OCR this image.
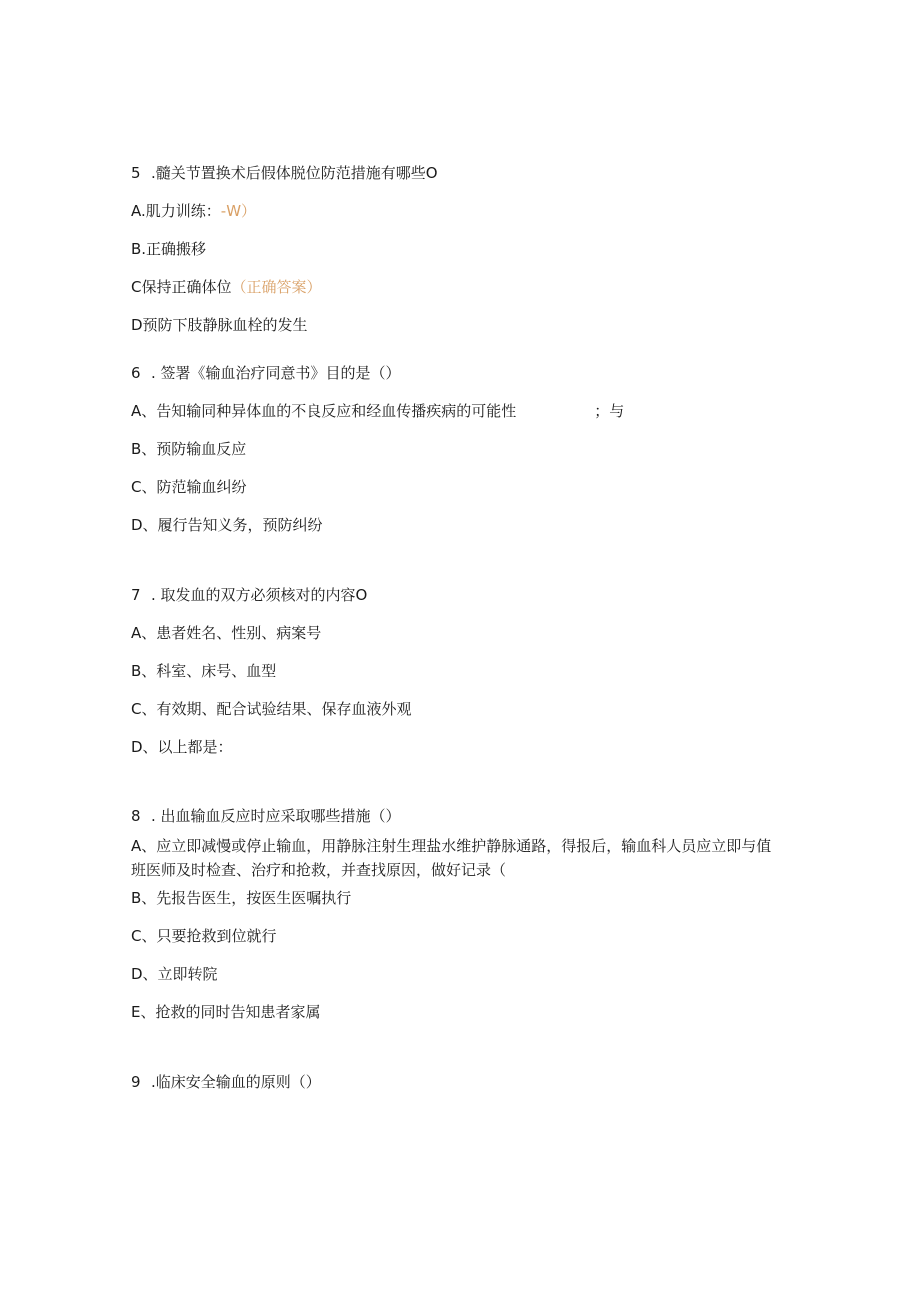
5 .髓关节置换术后假体脱位防范措施有哪些O
A.肌力训练：-W）
B.正确搬移
C保持正确体位（正确答案）
D预防下肢静脉血栓的发生
6 . 签署《输血治疗同意书》目的是（）
A、告知输同种异体血的不良反应和经血传播疾病的可能性	；与
B、预防输血反应
C、防范输血纠纷
D、履行告知义务，预防纠纷
7 . 取发血的双方必须核对的内容O
A、患者姓名、性别、病案号
B、科室、床号、血型
C、有效期、配合试验结果、保存血液外观
D、以上都是：
8 . 出血输血反应时应采取哪些措施（）
A、应立即减慢或停止输血，用静脉注射生理盐水维护静脉通路，得报后，输血科人员应立即与值班医师及时检查、治疗和抢救，并查找原因，做好记录（
B、先报告医生，按医生医嘱执行
C、只要抢救到位就行
D、立即转院
E、抢救的同时告知患者家属
9 .临床安全输血的原则（）
